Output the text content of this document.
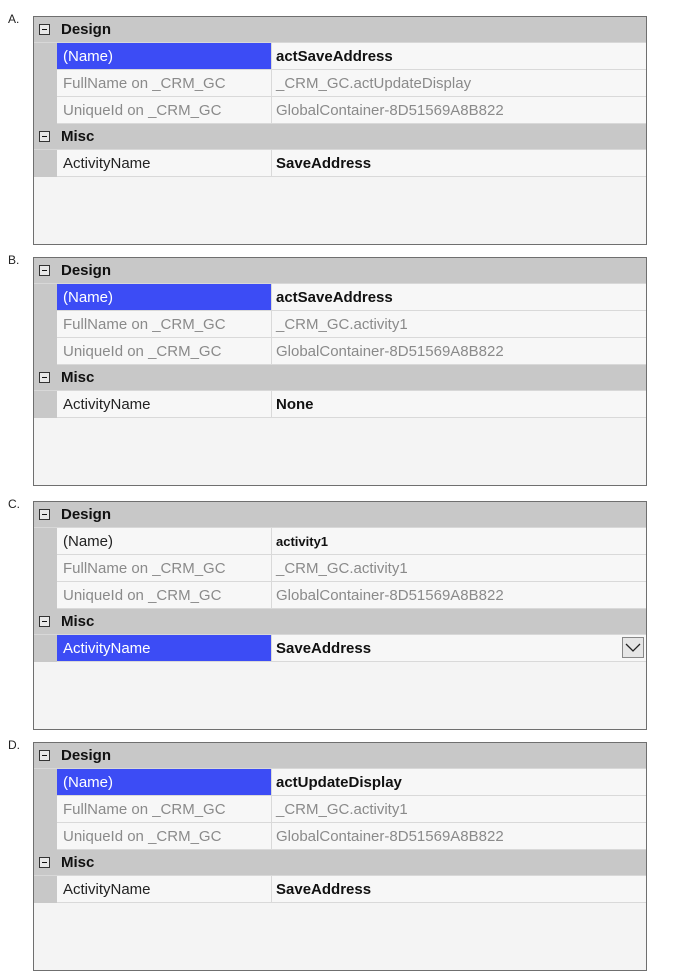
A.
Design
(Name)	actSaveAddress
FullName on _CRM_GC	_CRM_GC.actUpdateDisplay
UniqueId on _CRM_GC	GlobalContainer-8D51569A8B822
Misc
ActivityName	SaveAddress
B.
Design
(Name)	actSaveAddress
FullName on _CRM_GC	_CRM_GC.activity1
UniqueId on _CRM_GC	GlobalContainer-8D51569A8B822
Misc
ActivityName	None
C.
Design
(Name)	activity1
FullName on _CRM_GC	_CRM_GC.activity1
UniqueId on _CRM_GC	GlobalContainer-8D51569A8B822
Misc
ActivityName	SaveAddress
D.
Design
(Name)	actUpdateDisplay
FullName on _CRM_GC	_CRM_GC.activity1
UniqueId on _CRM_GC	GlobalContainer-8D51569A8B822
Misc
ActivityName	SaveAddress
